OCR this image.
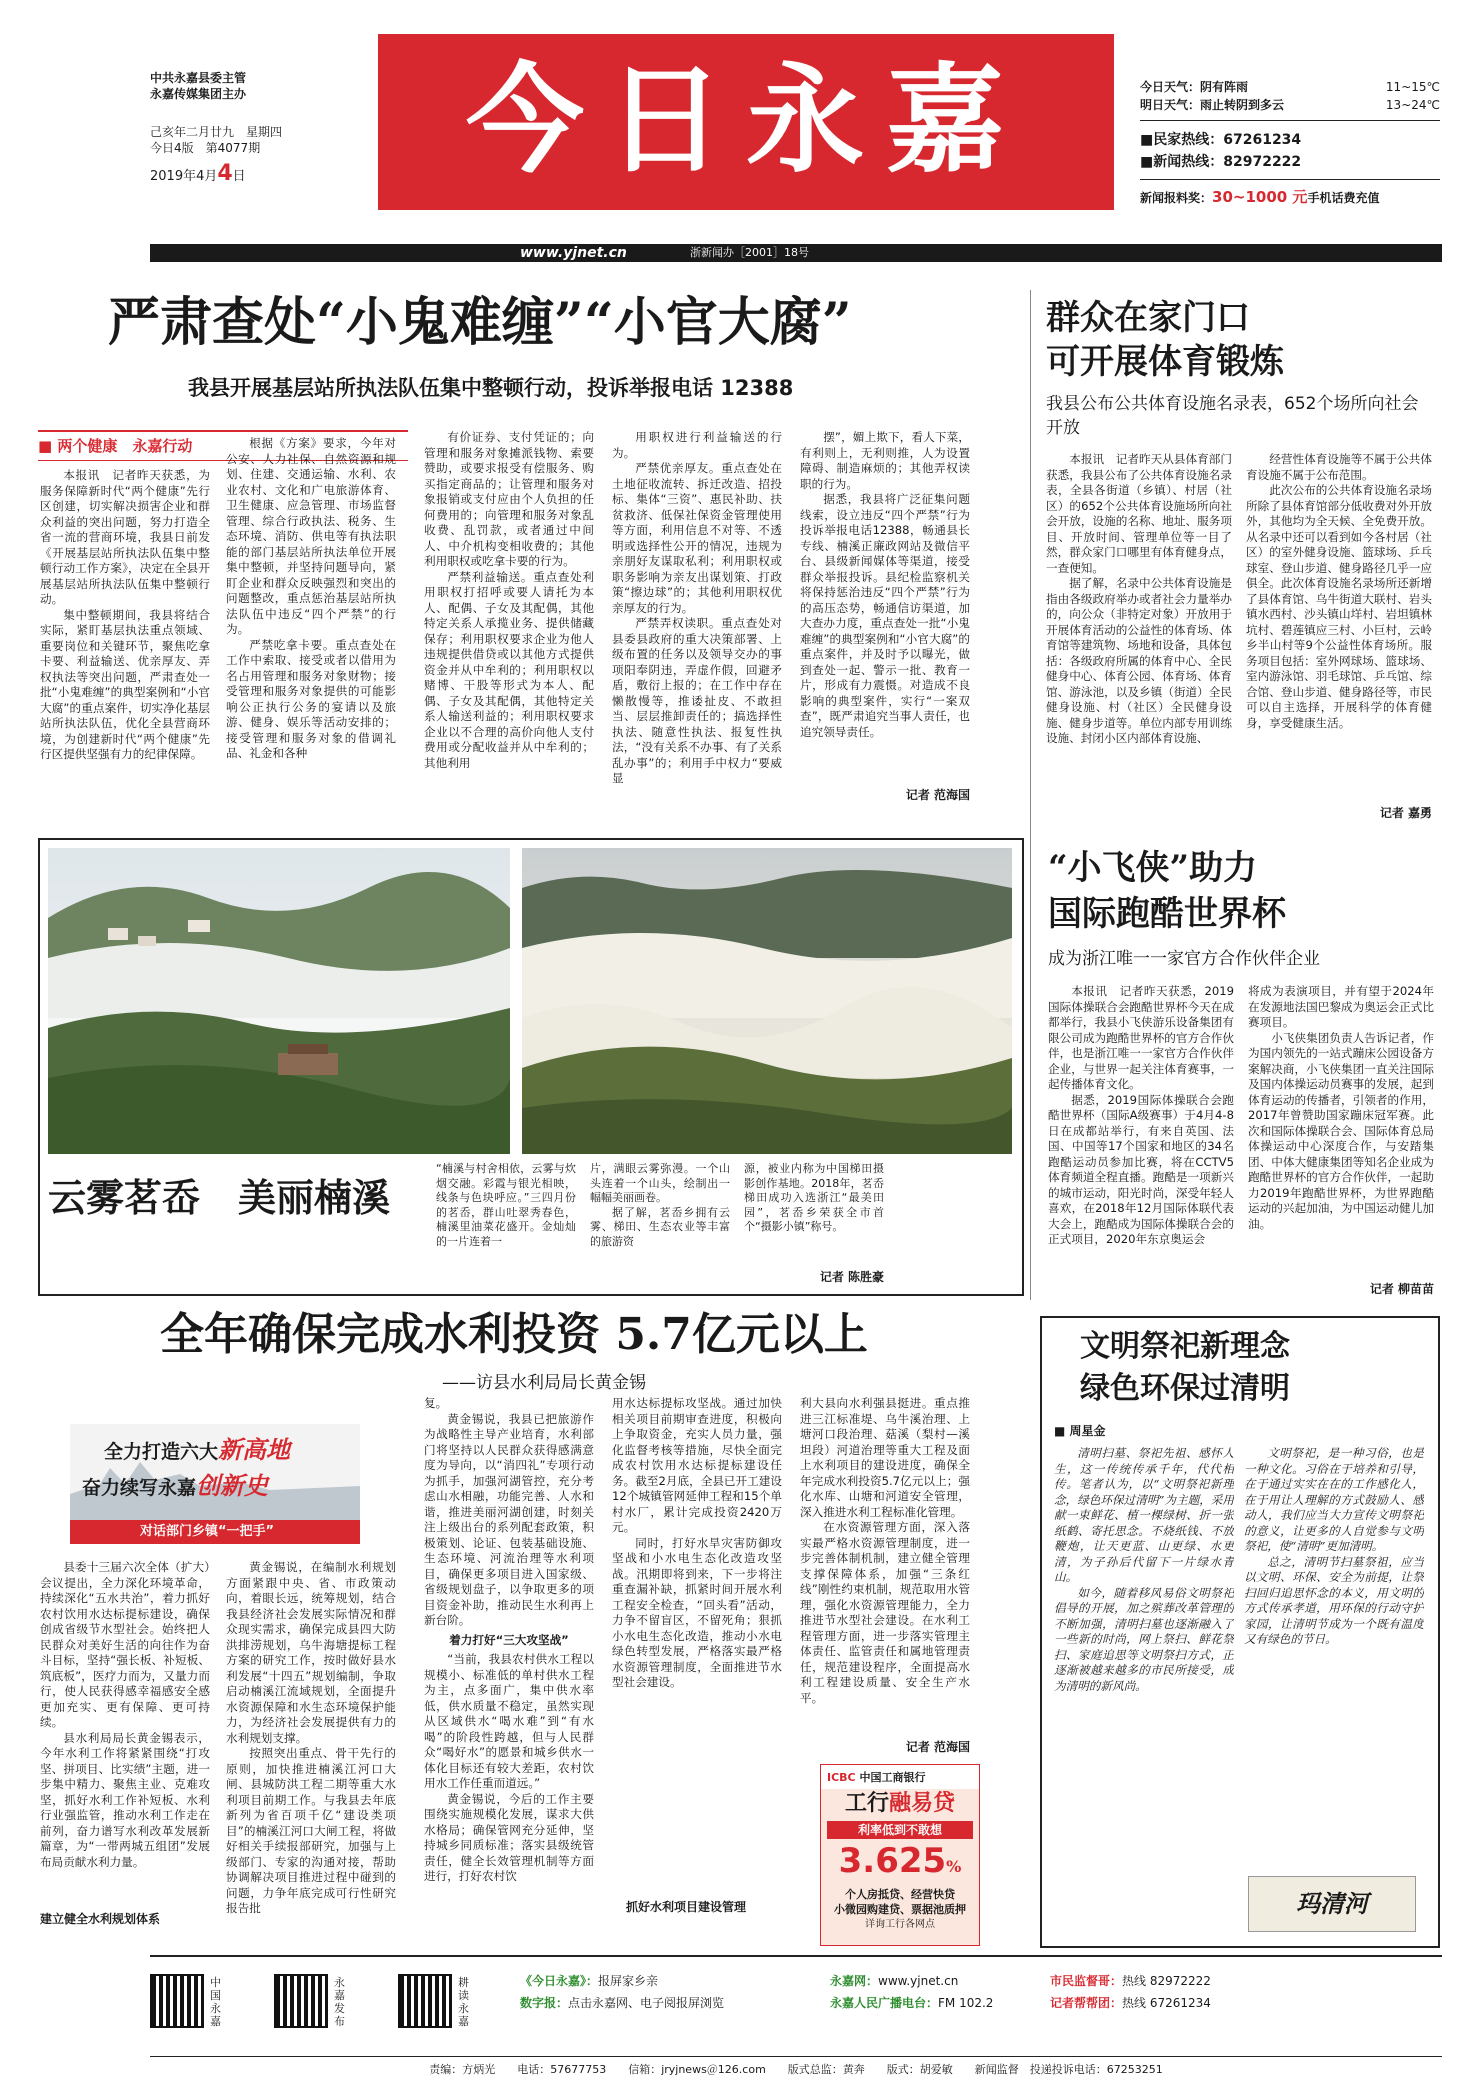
中共永嘉县委主管
永嘉传媒集团主办
己亥年二月廿九　 星期四
今日4版　 第4077期
2019年4月4日	今日永嘉	今日天气：阴有阵雨	11~15℃
明日天气：雨止转阴到多云	13~24℃
■民家热线：67261234
■新闻热线：82972222
新闻报料奖：30~1000 元手机话费充值
www.yjnet.cn	浙新闻办［2001］18号
严肃查处“小鬼难缠”“小官大腐”
我县开展基层站所执法队伍集中整顿行动，投诉举报电话 12388
■ 两个健康　永嘉行动

本报讯　记者昨天获悉，为服务保障新时代“两个健康”先行区创建，切实解决损害企业和群众利益的突出问题，努力打造全省一流的营商环境，我县日前发《开展基层站所执法队伍集中整顿行动工作方案》，决定在全县开展基层站所执法队伍集中整顿行动。

集中整顿期间，我县将结合实际，紧盯基层执法重点领域、重要岗位和关键环节，聚焦吃拿卡要、利益输送、优亲厚友、弄权执法等突出问题，严肃查处一批“小鬼难缠”的典型案例和“小官大腐”的重点案件，切实净化基层站所执法队伍，优化全县营商环境，为创建新时代“两个健康”先行区提供坚强有力的纪律保障。

根据《方案》要求，今年对公安、人力社保、自然资源和规划、住建、交通运输、水利、农业农村、文化和广电旅游体育、卫生健康、应急管理、市场监督管理、综合行政执法、税务、生态环境、消防、供电等有执法职能的部门基层站所执法单位开展集中整顿，并坚持问题导向，紧盯企业和群众反映强烈和突出的问题整改，重点惩治基层站所执法队伍中违反“四个严禁”的行为。

严禁吃拿卡要。重点查处在工作中索取、接受或者以借用为名占用管理和服务对象财物；接受管理和服务对象提供的可能影响公正执行公务的宴请以及旅游、健身、娱乐等活动安排的；接受管理和服务对象的借调礼品、礼金和各种

有价证券、支付凭证的；向管理和服务对象摊派钱物、索要赞助，或要求报受有偿服务、购买指定商品的；让管理和服务对象报销或支付应由个人负担的任何费用的；向管理和服务对象乱收费、乱罚款，或者通过中间人、中介机构变相收费的；其他利用职权或吃拿卡要的行为。

严禁利益输送。重点查处利用职权打招呼或要人请托为本人、配偶、子女及其配偶，其他特定关系人承揽业务、提供储藏保存；利用职权要求企业为他人违规提供借贷或以其他方式提供资金并从中牟利的；利用职权以赌博、干股等形式为本人、配偶、子女及其配偶，其他特定关系人输送利益的；利用职权要求企业以不合理的高价向他人支付费用或分配收益并从中牟利的；其他利用

用职权进行利益输送的行为。

严禁优亲厚友。重点查处在土地征收流转、拆迁改造、招投标、集体“三资”、惠民补助、扶贫救济、低保社保资金管理使用等方面，利用信息不对等、不透明或选择性公开的情况，违规为亲朋好友谋取私利；利用职权或职务影响为亲友出谋划策、打政策“擦边球”的；其他利用职权优亲厚友的行为。

严禁弄权读职。重点查处对县委县政府的重大决策部署、上级布置的任务以及领导交办的事项阳奉阴违，弄虚作假，回避矛盾，敷衍上报的；在工作中存在懒散慢等，推诿扯皮、不敢担当、层层推卸责任的；搞选择性执法、随意性执法、报复性执法，“没有关系不办事、有了关系乱办事”的；利用手中权力“要威显

摆”，媚上欺下，看人下菜，有利则上，无利则推，人为设置障碍、制造麻烦的；其他弄权读职的行为。

据悉，我县将广泛征集问题线索，设立违反“四个严禁”行为投诉举报电话12388，畅通县长专线、楠溪正廉政网站及微信平台、县级新闻媒体等渠道，接受群众举报投诉。县纪检监察机关将保持惩治违反“四个严禁”行为的高压态势，畅通信访渠道，加大查办力度，重点查处一批“小鬼难缠”的典型案例和“小官大腐”的重点案件，并及时予以曝光，做到查处一起、警示一批、教育一片，形成有力震慑。对造成不良影响的典型案件，实行“一案双查”，既严肃追究当事人责任，也追究领导责任。

记者 范海国
群众在家门口
可开展体育锻炼
我县公布公共体育设施名录表，652个场所向社会开放

本报讯　记者昨天从县体育部门获悉，我县公布了公共体育设施名录表，全县各街道（乡镇）、村居（社区）的652个公共体育设施场所向社会开放，设施的名称、地址、服务项目、开放时间、管理单位等一目了然，群众家门口哪里有体育健身点，一查便知。

据了解，名录中公共体育设施是指由各级政府举办或者社会力量举办的，向公众（非特定对象）开放用于开展体育活动的公益性的体育场、体育馆等建筑物、场地和设备，具体包括：各级政府所属的体育中心、全民健身中心、体育公园、体育场、体育馆、游泳池，以及乡镇（街道）全民健身设施、村（社区）全民健身设施、健身步道等。单位内部专用训练设施、封闭小区内部体育设施、

经营性体育设施等不属于公共体育设施不属于公布范围。

此次公布的公共体育设施名录场所除了县体育馆部分低收费对外开放外，其他均为全天候、全免费开放。从名录中还可以看到如今各村居（社区）的室外健身设施、篮球场、乒乓球室、登山步道、健身路径几乎一应俱全。此次体育设施名录场所还新增了县体育馆、乌牛街道大联村、岩头镇水西村、沙头镇山垟村、岩坦镇林坑村、碧莲镇应三村、小巨村，云岭乡半山村等9个公益性体育场所。服务项目包括：室外网球场、篮球场、室内游泳馆、羽毛球馆、乒乓馆、综合馆、登山步道、健身路径等，市民可以自主选择，开展科学的体育健身，享受健康生活。

记者 嘉勇
云雾茗岙　美丽楠溪

“楠溪与村舍相依，云雾与炊烟交融。彩霞与银光相映，线条与色块呼应。”三四月份的茗岙，群山吐翠秀春色，楠溪里油菜花盛开。金灿灿的一片连着一

片，满眼云雾弥漫。一个山头连着一个山头，绘制出一幅幅美丽画卷。

据了解，茗岙乡拥有云雾、梯田、生态农业等丰富的旅游资

源，被业内称为中国梯田摄影创作基地。2018年，茗岙梯田成功入选浙江“最美田园”，茗岙乡荣获全市首个“摄影小镇”称号。

记者 陈胜豪
“小飞侠”助力
国际跑酷世界杯
成为浙江唯一一家官方合作伙伴企业

本报讯　记者昨天获悉，2019国际体操联合会跑酷世界杯今天在成都举行，我县小飞侠游乐设备集团有限公司成为跑酷世界杯的官方合作伙伴，也是浙江唯一一家官方合作伙伴企业，与世界一起关注体育赛事，一起传播体育文化。

据悉，2019国际体操联合会跑酷世界杯（国际A级赛事）于4月4-8日在成都站举行，有来自英国、法国、中国等17个国家和地区的34名跑酷运动员参加比赛，将在CCTV5体育频道全程直播。跑酷是一项新兴的城市运动，阳光时尚，深受年轻人喜欢，在2018年12月国际体联代表大会上，跑酷成为国际体操联合会的正式项目，2020年东京奥运会

将成为表演项目，并有望于2024年在发源地法国巴黎成为奥运会正式比赛项目。

小飞侠集团负责人告诉记者，作为国内领先的一站式蹦床公园设备方案解决商，小飞侠集团一直关注国际及国内体操运动员赛事的发展，起到体育运动的传播者，引领者的作用，2017年曾赞助国家蹦床冠军赛。此次和国际体操联合会、国际体育总局体操运动中心深度合作，与安踏集团、中体大健康集团等知名企业成为跑酷世界杯的官方合作伙伴，一起助力2019年跑酷世界杯，为世界跑酷运动的兴起加油，为中国运动健儿加油。

记者 柳苗苗
全年确保完成水利投资 5.7亿元以上
——访县水利局局长黄金锡
全力打造六大新高地
奋力续写永嘉创新史
对话部门乡镇“一把手”

县委十三届六次全体（扩大）会议提出，全力深化环境革命，持续深化“五水共治”，着力抓好农村饮用水达标提标建设，确保创成省级节水型社会。始终把人民群众对美好生活的向往作为奋斗目标，坚持“强长板、补短板、筑底板”，医疗力而为，又量力而行，使人民获得感幸福感安全感更加充实、更有保障、更可持续。

县水利局局长黄金锡表示，今年水利工作将紧紧围绕“打攻坚、拼项目、比实绩”主题，进一步集中精力、聚焦主业、克难攻坚，抓好水利工作补短板、水利行业强监管，推动水利工作走在前列，奋力谱写水利改革发展新篇章，为“一带两城五组团”发展布局贡献水利力量。

建立健全水利规划体系

黄金锡说，在编制水利规划方面紧跟中央、省、市政策动向，着眼长远，统筹规划，结合我县经济社会发展实际情况和群众现实需求，确保完成县四大防洪排涝规划，乌牛海塘提标工程方案的研究工作，按时做好县水利发展“十四五”规划编制，争取启动楠溪江流域规划，全面提升水资源保障和水生态环境保护能力，为经济社会发展提供有力的水利规划支撑。

按照突出重点、骨干先行的原则，加快推进楠溪江河口大闸、县城防洪工程二期等重大水利项目前期工作。与我县去年底新列为省百项千亿“建设类项目”的楠溪江河口大闸工程，将做好相关手续报部研究，加强与上级部门、专家的沟通对接，帮助协调解决项目推进过程中碰到的问题，力争年底完成可行性研究报告批

复。

黄金锡说，我县已把旅游作为战略性主导产业培育，水利部门将坚持以人民群众获得感满意度为导向，以“消四礼”专项行动为抓手，加强河湖管控，充分考虑山水相融，功能完善、人水和谐，推进美丽河湖创建，时刻关注上级出台的系列配套政策，积极策划、论证、包装基础设施、生态环境、河流治理等水利项目，确保更多项目进入国家级、省级规划盘子，以争取更多的项目资金补助，推动民生水利再上新台阶。

着力打好“三大攻坚战”

“当前，我县农村供水工程以规模小、标准低的单村供水工程为主，点多面广，集中供水率低，供水质量不稳定，虽然实现从区域供水“喝水难”到“有水喝”的阶段性跨越，但与人民群众“喝好水”的愿景和城乡供水一体化目标还有较大差距，农村饮用水工作任重而道远。”

黄金锡说，今后的工作主要围绕实施规模化发展，谋求大供水格局；确保管网充分延伸，坚持城乡同质标准；落实县级统管责任，健全长效管理机制等方面进行，打好农村饮

用水达标提标攻坚战。通过加快相关项目前期审查进度，积极向上争取资金，充实人员力量，强化监督考核等措施，尽快全面完成农村饮用水达标提标建设任务。截至2月底，全县已开工建设12个城镇管网延伸工程和15个单村水厂，累计完成投资2420万元。

同时，打好水旱灾害防御攻坚战和小水电生态化改造攻坚战。汛期即将到来，下一步将注重查漏补缺，抓紧时间开展水利工程安全检查，“回头看”活动，力争不留盲区，不留死角；狠抓小水电生态化改造，推动小水电绿色转型发展，严格落实最严格水资源管理制度，全面推进节水型社会建设。

抓好水利项目建设管理

利大县向水利强县挺进。重点推进三江标准堤、乌牛溪治理、上塘河口段治理、菇溪（梨村—溪坦段）河道治理等重大工程及面上水利项目的建设进度，确保全年完成水利投资5.7亿元以上；强化水库、山塘和河道安全管理，深入推进水利工程标准化管理。

在水资源管理方面，深入落实最严格水资源管理制度，进一步完善体制机制，建立健全管理支撑保障体系，加强“三条红线”刚性约束机制，规范取用水管理，强化水资源管理能力，全力推进节水型社会建设。在水利工程管理方面，进一步落实管理主体责任、监管责任和属地管理责任，规范建设程序，全面提高水利工程建设质量、安全生产水平。

记者 范海国
ICBC 中国工商银行
工行融易贷
利率低到不敢想
3.625%
个人房抵贷、经营快贷
小微园购建贷、票据池质押
详询工行各网点
文明祭祀新理念
绿色环保过清明
■ 周星金

清明扫墓、祭祀先祖、感怀人生，这一传统传承千年，代代相传。笔者认为，以“文明祭祀新理念，绿色环保过清明”为主题，采用献一束鲜花、植一棵绿树、折一张纸鹤、寄托思念。不烧纸钱、不放鞭炮，让天更蓝、山更绿、水更清，为子孙后代留下一片绿水青山。

如今，随着移风易俗文明祭祀倡导的开展，加之殡葬改革管理的不断加强，清明扫墓也逐渐融入了一些新的时尚，网上祭扫、鲜花祭扫、家庭追思等文明祭扫方式，正逐渐被越来越多的市民所接受，成为清明的新风尚。

文明祭祀，是一种习俗，也是一种文化。习俗在于培养和引导，在于通过实实在在的工作感化人，在于用让人理解的方式鼓励人、感动人，我们应当大力宣传文明祭祀的意义，让更多的人自觉参与文明祭祀，使“清明”更加清明。

总之，清明节扫墓祭祖，应当以文明、环保、安全为前提，让祭扫回归追思怀念的本义，用文明的方式传承孝道，用环保的行动守护家园，让清明节成为一个既有温度又有绿色的节日。

玛清河
中国永嘉
永嘉发布
耕读永嘉
《今日永嘉》：报屏家乡亲
数字报：点击永嘉网、电子阅报屏浏览
永嘉网：www.yjnet.cn
永嘉人民广播电台：FM 102.2
市民监督哥：热线 82972222
记者帮帮团：热线 67261234
责编：方炳光　　电话：57677753　　信箱：jryjnews＠126.com　　版式总监：黄奔　　版式：胡爱敏　　新闻监督　投递投诉电话：67253251
